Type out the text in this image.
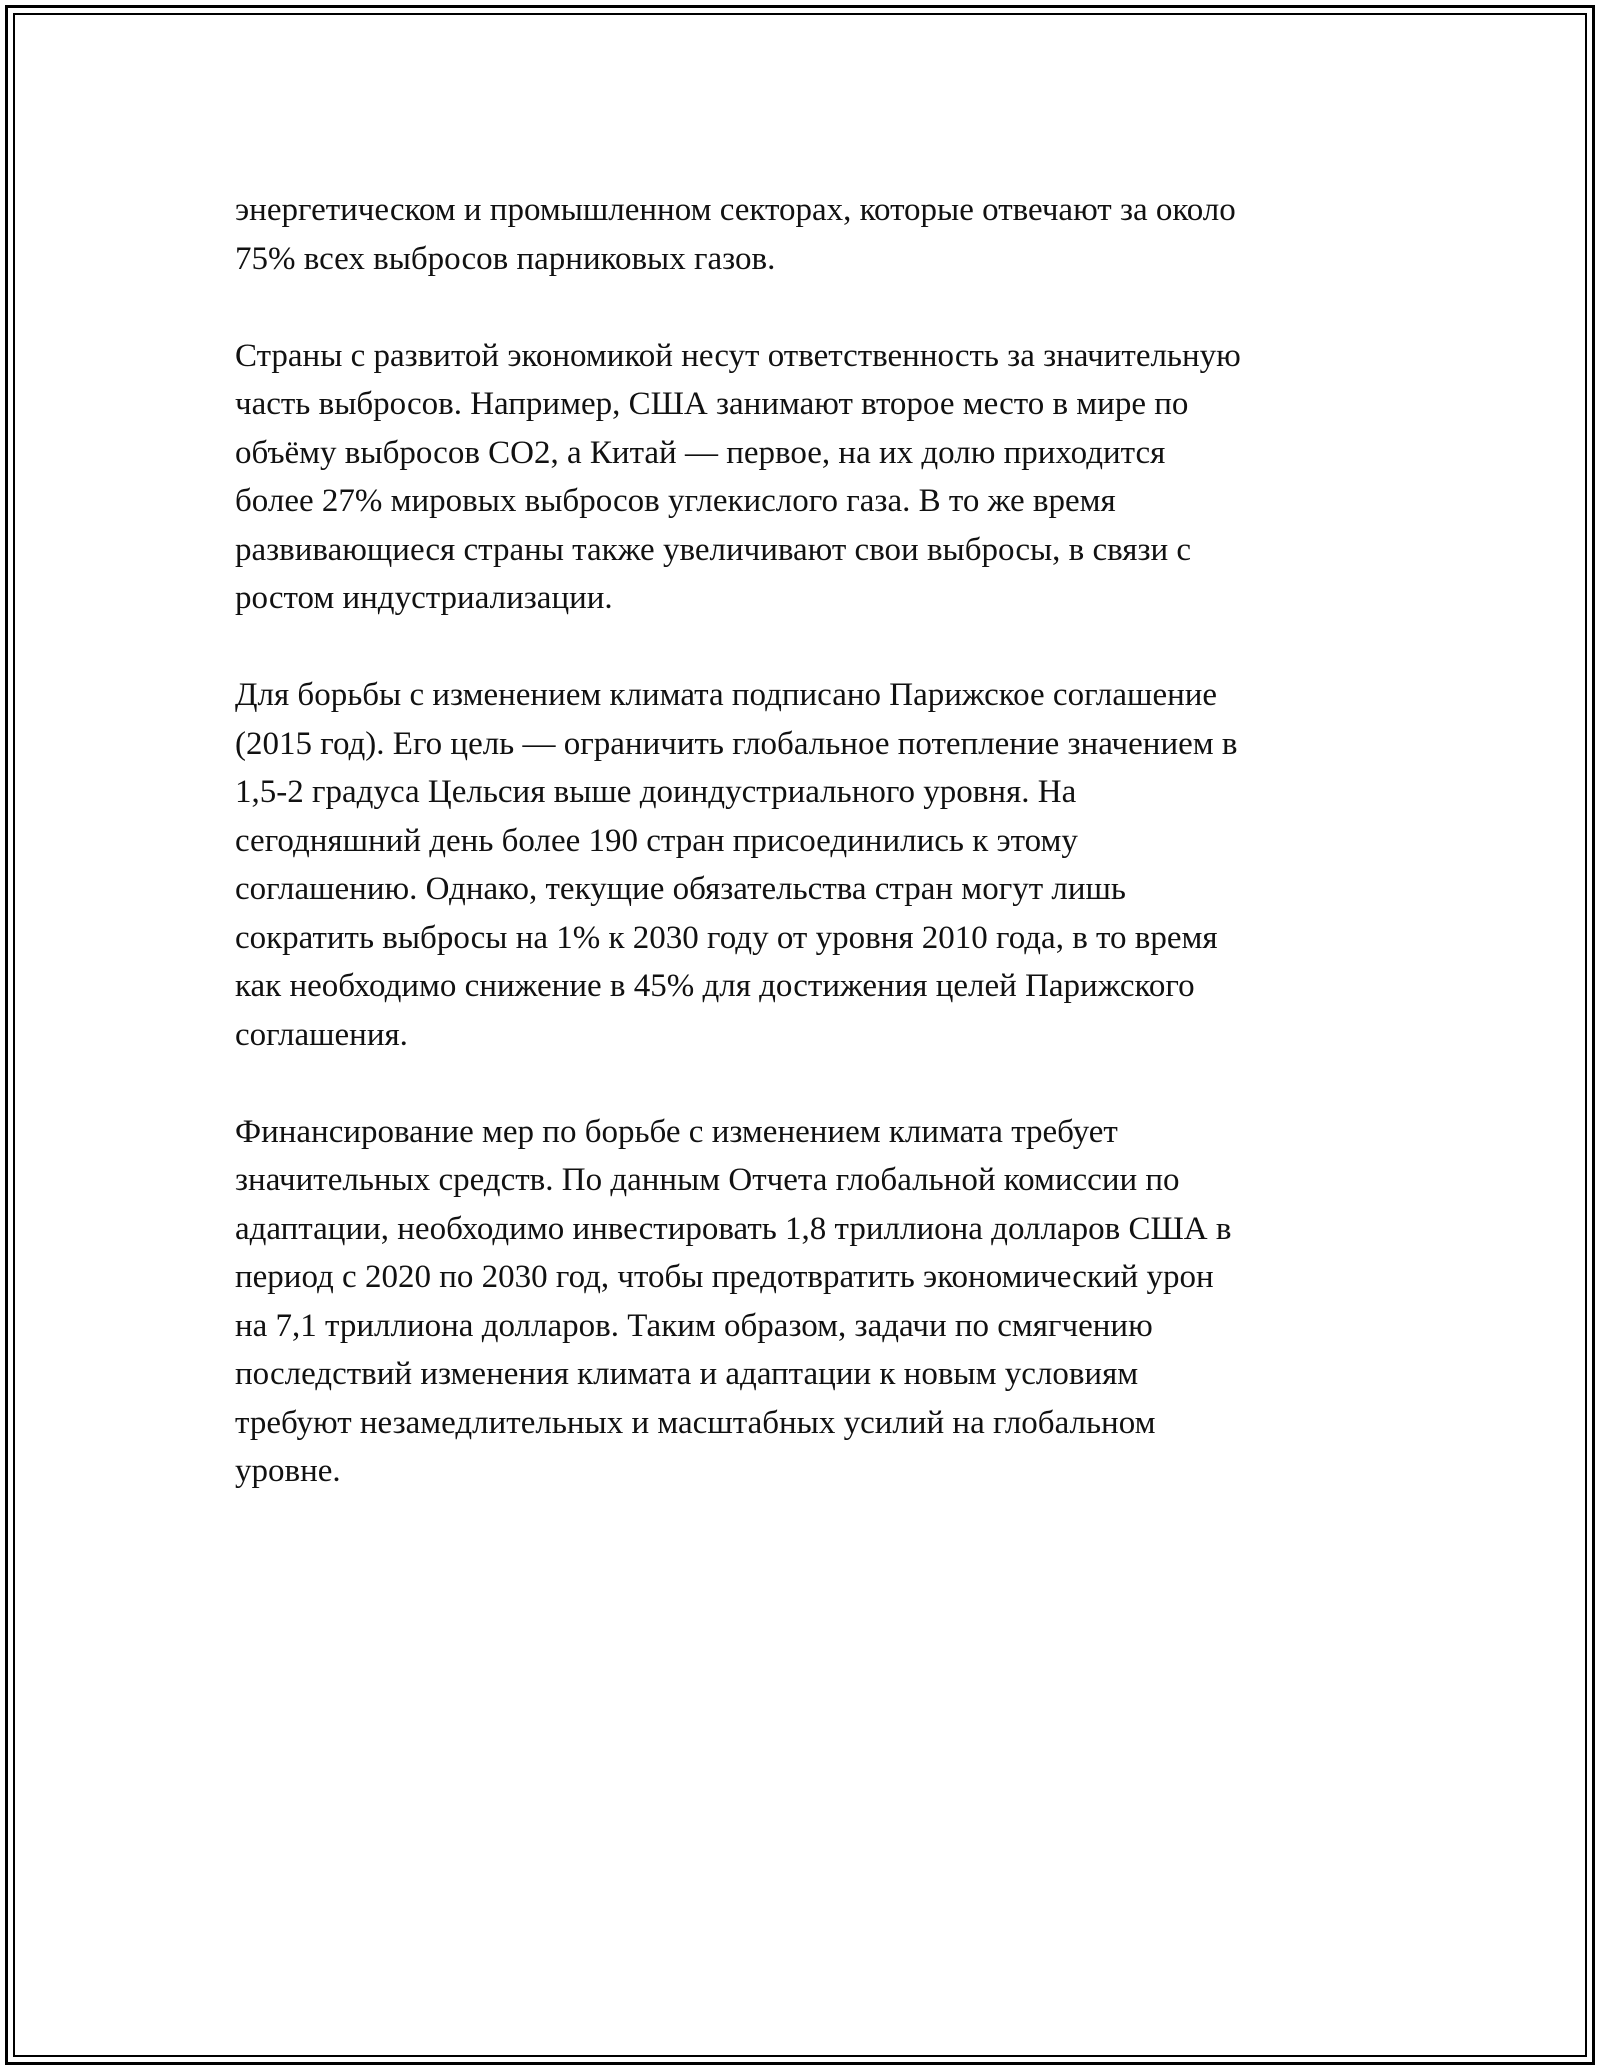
энергетическом и промышленном секторах, которые отвечают за около
75% всех выбросов парниковых газов.

Страны с развитой экономикой несут ответственность за значительную
часть выбросов. Например, США занимают второе место в мире по
объёму выбросов СО2, а Китай — первое, на их долю приходится
более 27% мировых выбросов углекислого газа. В то же время
развивающиеся страны также увеличивают свои выбросы, в связи с
ростом индустриализации.

Для борьбы с изменением климата подписано Парижское соглашение
(2015 год). Его цель — ограничить глобальное потепление значением в
1,5-2 градуса Цельсия выше доиндустриального уровня. На
сегодняшний день более 190 стран присоединились к этому
соглашению. Однако, текущие обязательства стран могут лишь
сократить выбросы на 1% к 2030 году от уровня 2010 года, в то время
как необходимо снижение в 45% для достижения целей Парижского
соглашения.

Финансирование мер по борьбе с изменением климата требует
значительных средств. По данным Отчета глобальной комиссии по
адаптации, необходимо инвестировать 1,8 триллиона долларов США в
период с 2020 по 2030 год, чтобы предотвратить экономический урон
на 7,1 триллиона долларов. Таким образом, задачи по смягчению
последствий изменения климата и адаптации к новым условиям
требуют незамедлительных и масштабных усилий на глобальном
уровне.
